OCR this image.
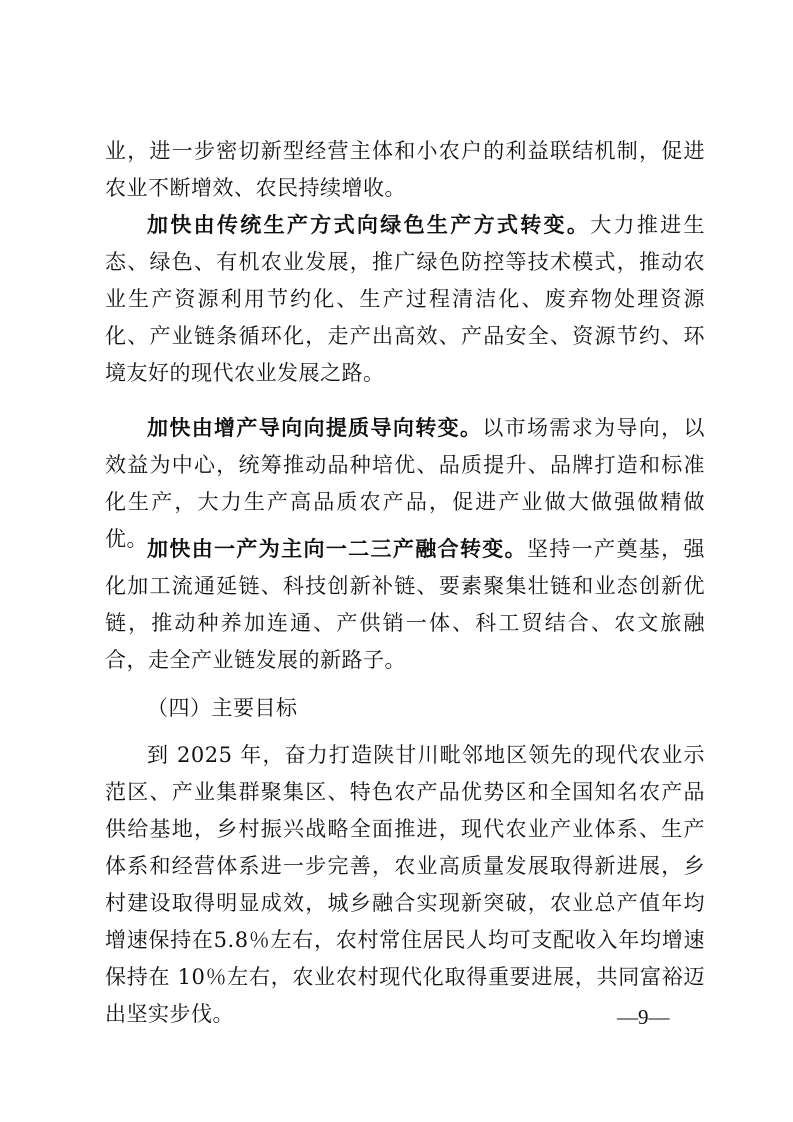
业，进一步密切新型经营主体和小农户的利益联结机制，促进农业不断增效、农民持续增收。

加快由传统生产方式向绿色生产方式转变。大力推进生态、绿色、有机农业发展，推广绿色防控等技术模式，推动农业生产资源利用节约化、生产过程清洁化、废弃物处理资源化、产业链条循环化，走产出高效、产品安全、资源节约、环境友好的现代农业发展之路。

加快由增产导向向提质导向转变。以市场需求为导向，以效益为中心，统筹推动品种培优、品质提升、品牌打造和标准化生产，大力生产高品质农产品，促进产业做大做强做精做优。 加快由一产为主向一二三产融合转变。坚持一产奠基，强化加工流通延链、科技创新补链、要素聚集壮链和业态创新优链，推动种养加连通、产供销一体、科工贸结合、农文旅融合，走全产业链发展的新路子。

（四）主要目标

到 2025 年，奋力打造陕甘川毗邻地区领先的现代农业示范区、产业集群聚集区、特色农产品优势区和全国知名农产品供给基地，乡村振兴战略全面推进，现代农业产业体系、生产体系和经营体系进一步完善，农业高质量发展取得新进展，乡村建设取得明显成效，城乡融合实现新突破，农业总产值年均增速保持在5.8％左右，农村常住居民人均可支配收入年均增速保持在 10％左右，农业农村现代化取得重要进展，共同富裕迈出坚实步伐。	—9—
